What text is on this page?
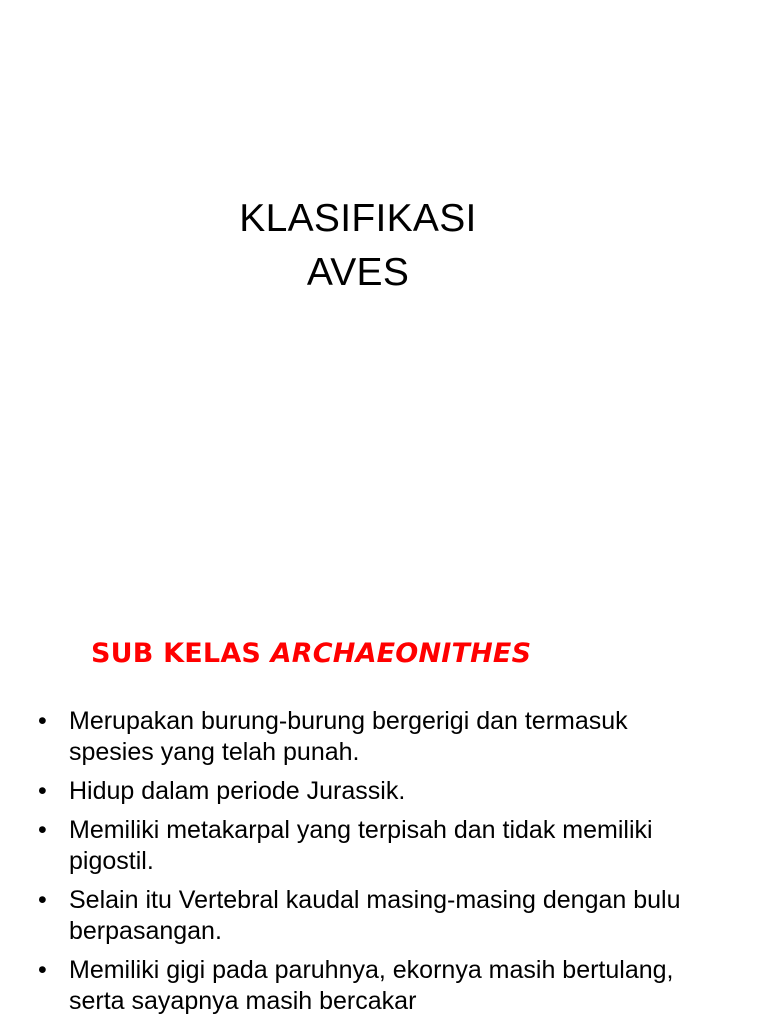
KLASIFIKASI
AVES
SUB KELAS ARCHAEONITHES
• Merupakan burung-burung bergerigi dan termasuk spesies yang telah punah.
• Hidup dalam periode Jurassik.
• Memiliki metakarpal yang terpisah dan tidak memiliki pigostil.
• Selain itu Vertebral kaudal masing-masing dengan bulu berpasangan.
• Memiliki gigi pada paruhnya, ekornya masih bertulang, serta sayapnya masih bercakar
